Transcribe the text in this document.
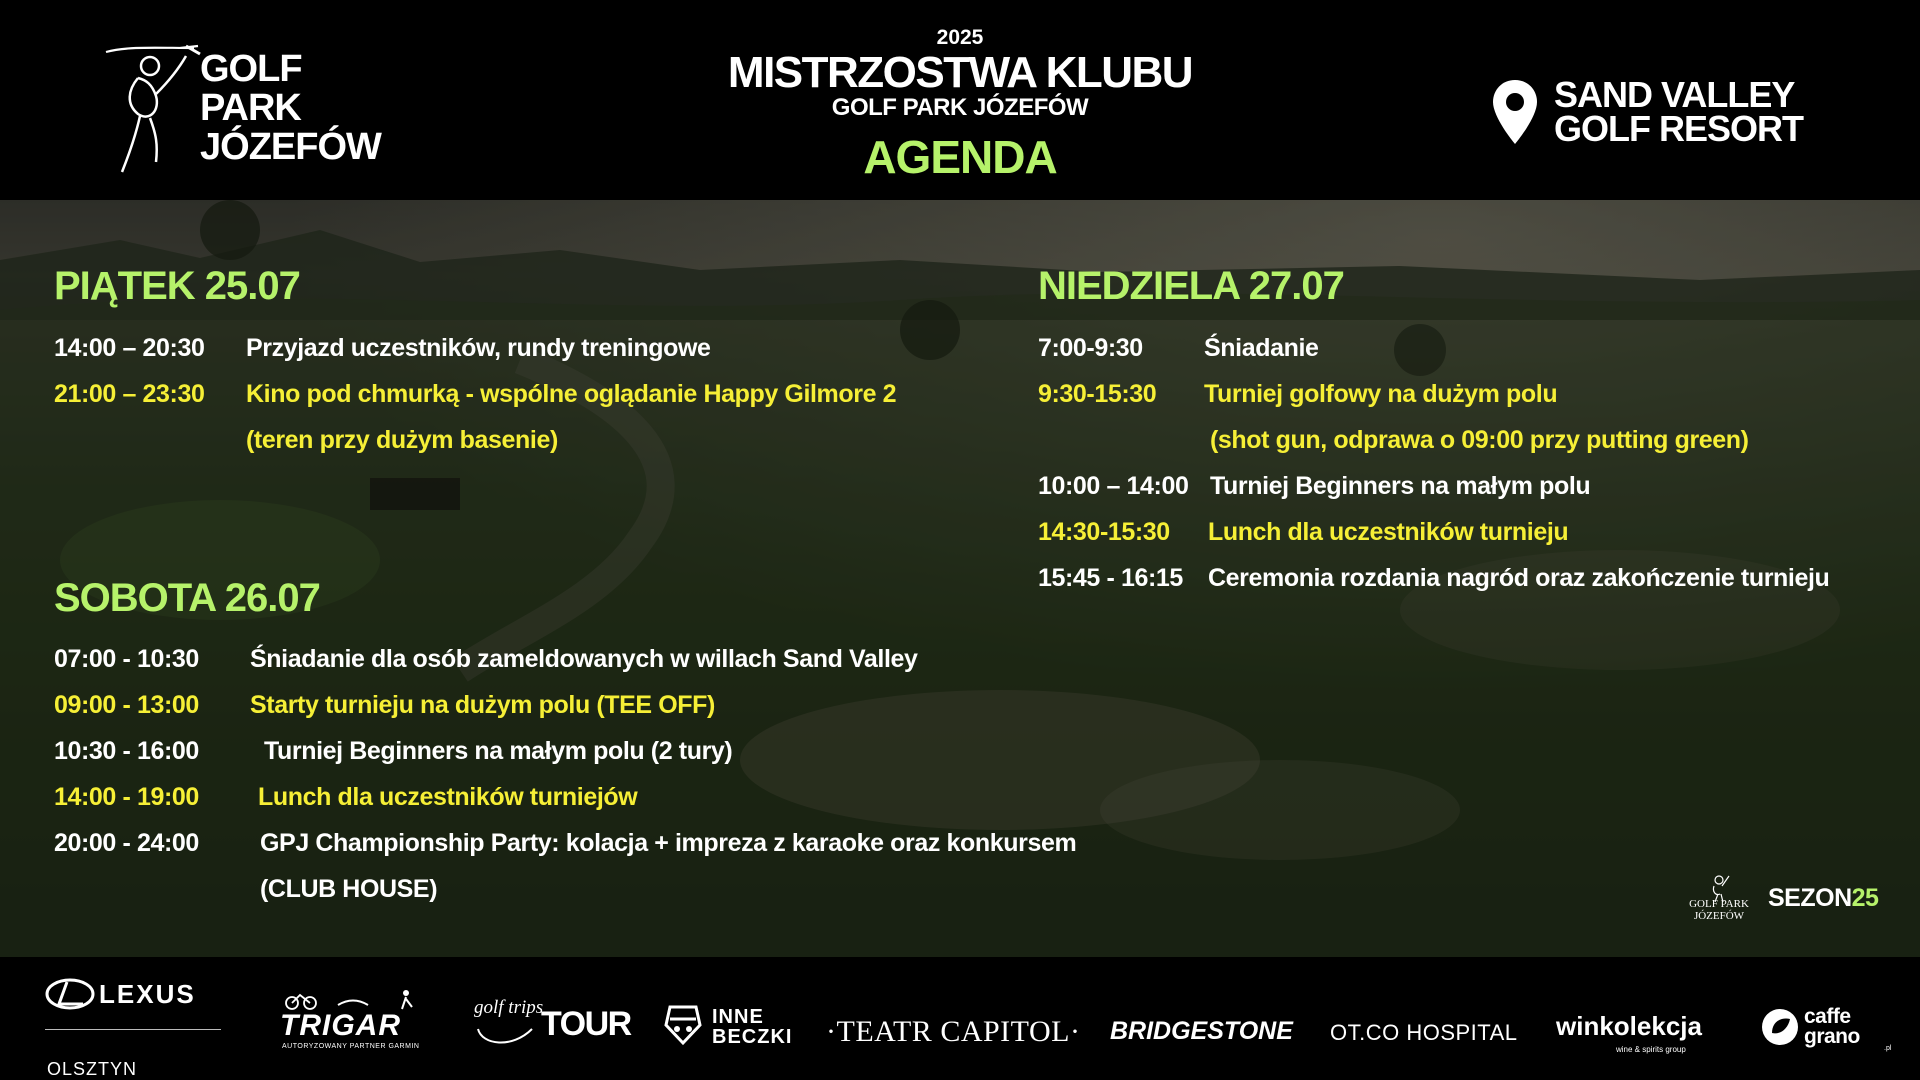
GOLF
PARK
JÓZEFÓW
2025
MISTRZOSTWA KLUBU
GOLF PARK JÓZEFÓW
AGENDA
SAND VALLEY
GOLF RESORT
PIĄTEK 25.07
14:00 – 20:30 Przyjazd uczestników, rundy treningowe
21:00 – 23:30 Kino pod chmurką - wspólne oglądanie Happy Gilmore 2
(teren przy dużym basenie)
SOBOTA 26.07
07:00 - 10:30 Śniadanie dla osób zameldowanych w willach Sand Valley
09:00 - 13:00 Starty turnieju na dużym polu (TEE OFF)
10:30 - 16:00	Turniej Beginners na małym polu (2 tury)
14:00 - 19:00 Lunch dla uczestników turniejów
20:00 - 24:00 GPJ Championship Party: kolacja + impreza z karaoke oraz konkursem
(CLUB HOUSE)
NIEDZIELA 27.07
7:00-9:30 Śniadanie
9:30-15:30 Turniej golfowy na dużym polu
(shot gun, odprawa o 09:00 przy putting green)
10:00 – 14:00 Turniej Beginners na małym polu
14:30-15:30 Lunch dla uczestników turnieju
15:45 - 16:15 Ceremonia rozdania nagród oraz zakończenie turnieju
GOLF PARK
JÓZEFÓW
SEZON25
LEXUS
OLSZTYN
TRIGAR
AUTORYZOWANY PARTNER GARMIN
golf trips
TOUR	INNE
BECZKI ·TEATR CAPITOL· BRIDGESTONE OT.CO HOSPITAL winkolekcja
wine & spirits group
caffe
grano
.pl
